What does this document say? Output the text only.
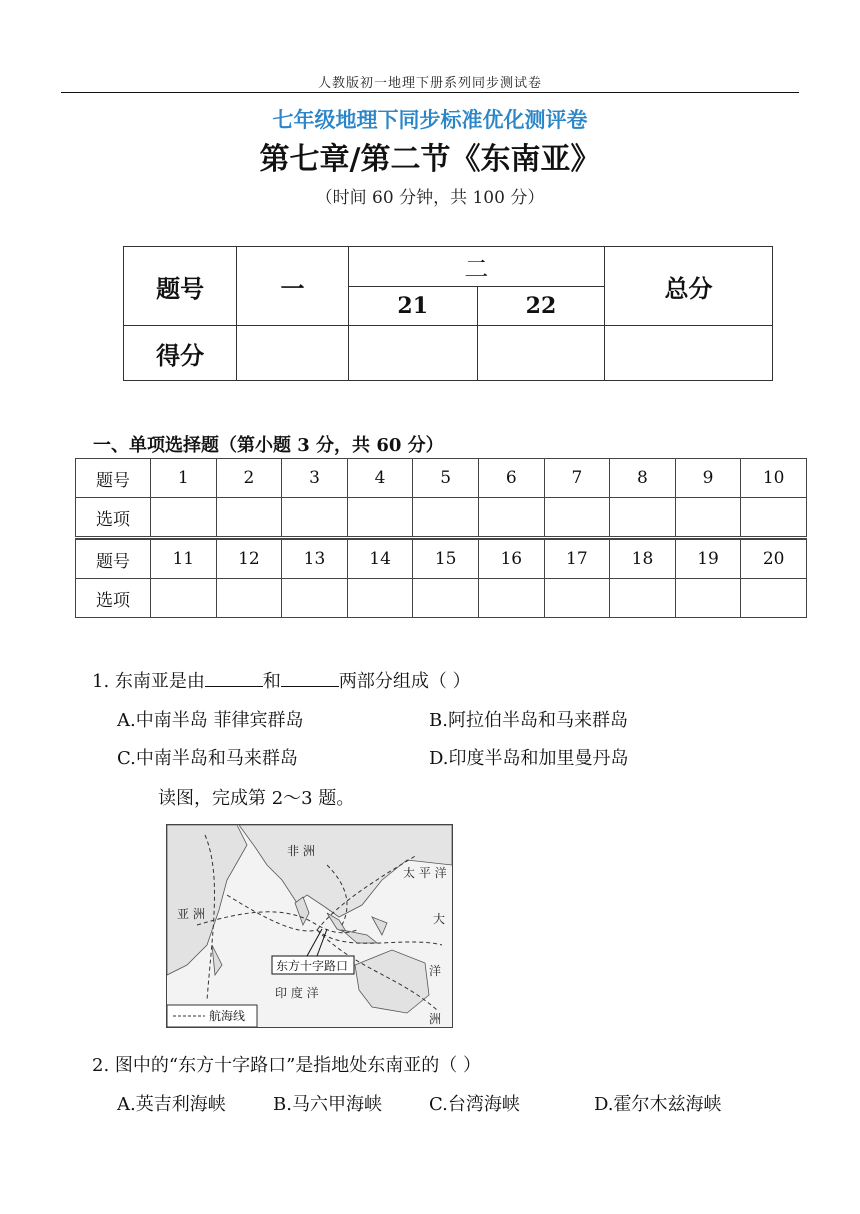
人教版初一地理下册系列同步测试卷
七年级地理下同步标准优化测评卷
第七章/第二节《东南亚》
（时间 60 分钟，共 100 分）
题号	一	二		总分
		21	22	
得分				
一、单项选择题（第小题 3 分，共 60 分）
题号	1	2	3	4	5	6	7	8	9	10
选项										
题号	11	12	13	14	15	16	17	18	19	20
选项										
1. 东南亚是由	和	两部分组成（ ）
A.中南半岛 菲律宾群岛	B.阿拉伯半岛和马来群岛
C.中南半岛和马来群岛	D.印度半岛和加里曼丹岛
读图，完成第 2～3 题。
非 洲
亚 洲
太 平 洋
大
洋
洲
印 度 洋
东方十字路口
航海线
2. 图中的“东方十字路口”是指地处东南亚的（ ）
A.英吉利海峡	B.马六甲海峡	C.台湾海峡	D.霍尔木兹海峡
